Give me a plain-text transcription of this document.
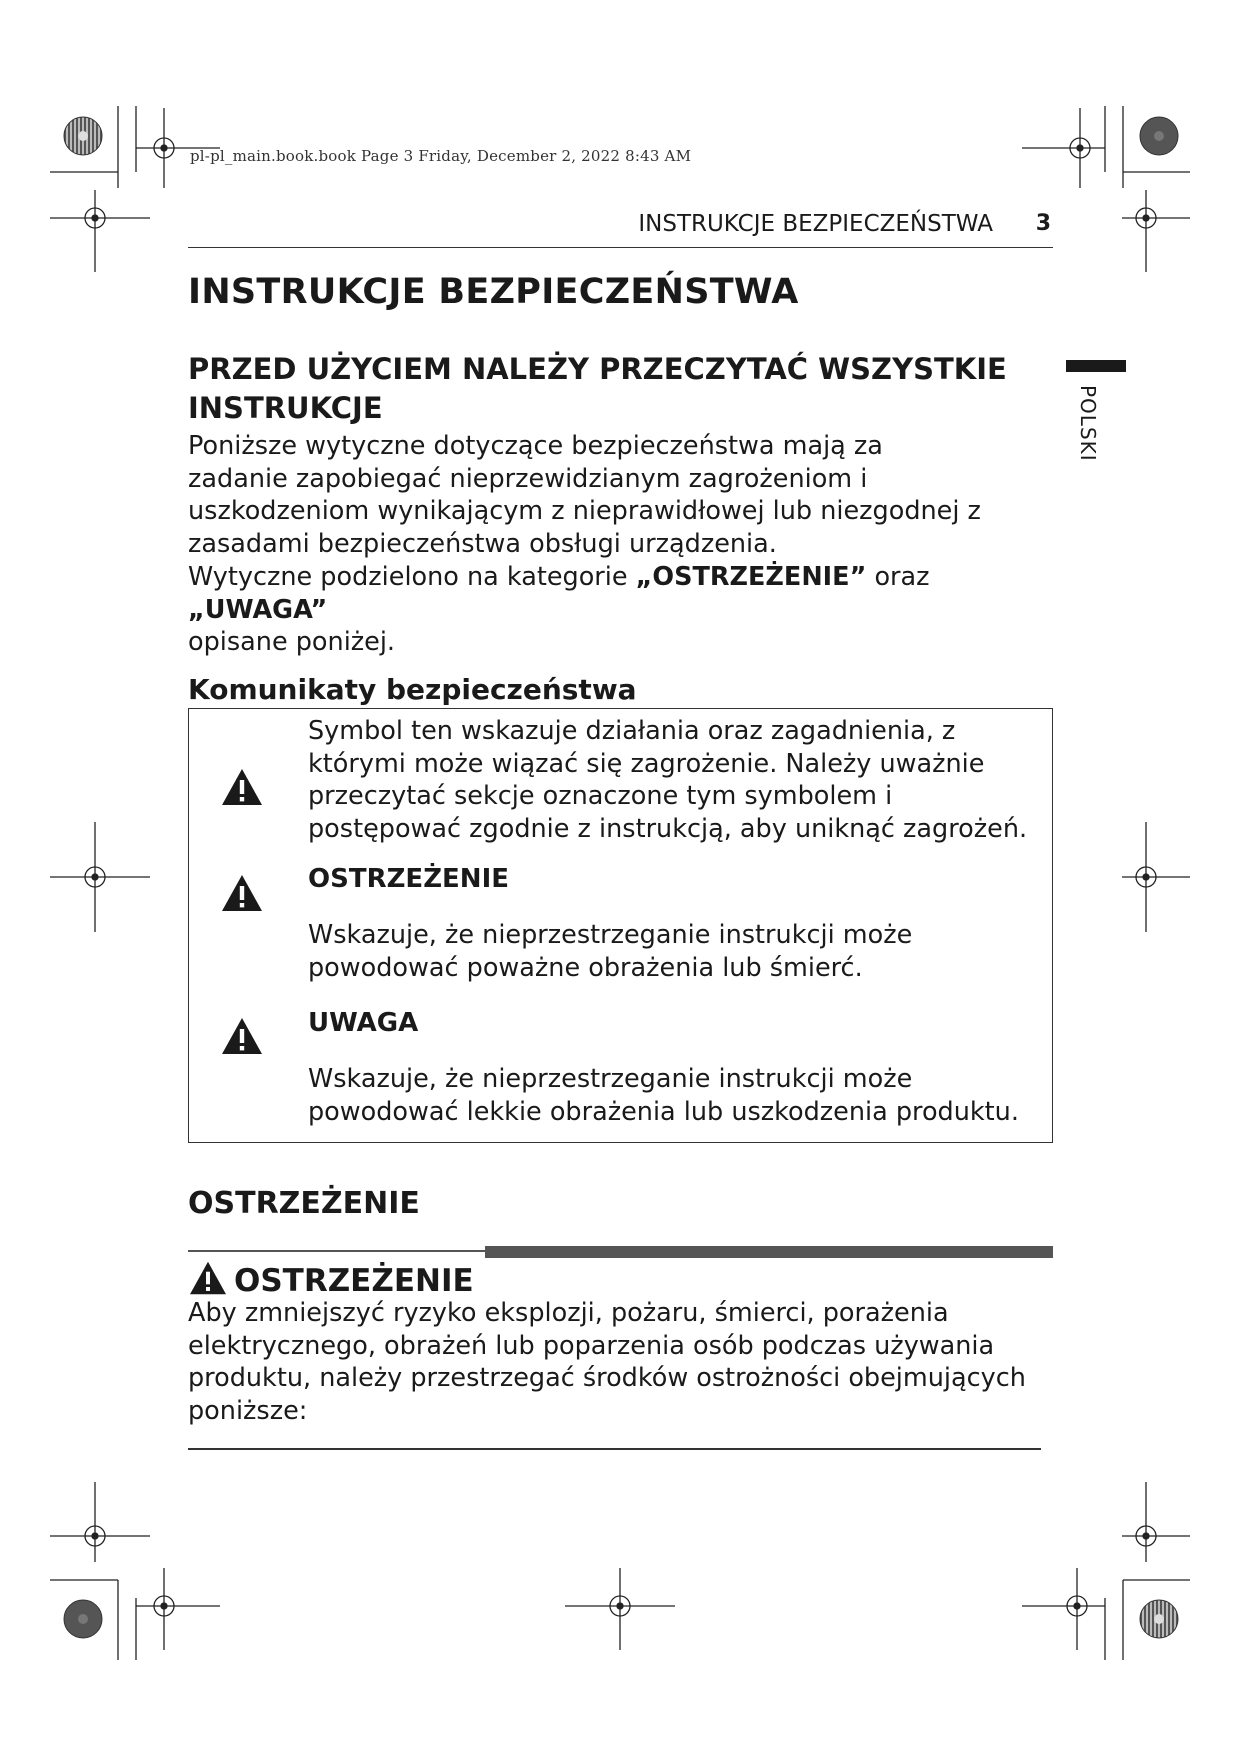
pl-pl_main.book.book Page 3 Friday, December 2, 2022 8:43 AM
INSTRUKCJE BEZPIECZEŃSTWA 3
POLSKI
INSTRUKCJE BEZPIECZEŃSTWA
PRZED UŻYCIEM NALEŻY PRZECZYTAĆ WSZYSTKIE
INSTRUKCJE

Poniższe wytyczne dotyczące bezpieczeństwa mają za zadanie zapobiegać nieprzewidzianym zagrożeniom i uszkodzeniom wynikającym z nieprawidłowej lub niezgodnej z zasadami bezpieczeństwa obsługi urządzenia.

Wytyczne podzielono na kategorie „OSTRZEŻENIE” oraz „UWAGA”
opisane poniżej.

Komunikaty bezpieczeństwa
Symbol ten wskazuje działania oraz zagadnienia, z którymi może wiązać się zagrożenie. Należy uważnie przeczytać sekcje oznaczone tym symbolem i postępować zgodnie z instrukcją, aby uniknąć zagrożeń.
OSTRZEŻENIE
Wskazuje, że nieprzestrzeganie instrukcji może powodować poważne obrażenia lub śmierć.
UWAGA
Wskazuje, że nieprzestrzeganie instrukcji może powodować lekkie obrażenia lub uszkodzenia produktu.
OSTRZEŻENIE
OSTRZEŻENIE

Aby zmniejszyć ryzyko eksplozji, pożaru, śmierci, porażenia elektrycznego, obrażeń lub poparzenia osób podczas używania produktu, należy przestrzegać środków ostrożności obejmujących poniższe:
